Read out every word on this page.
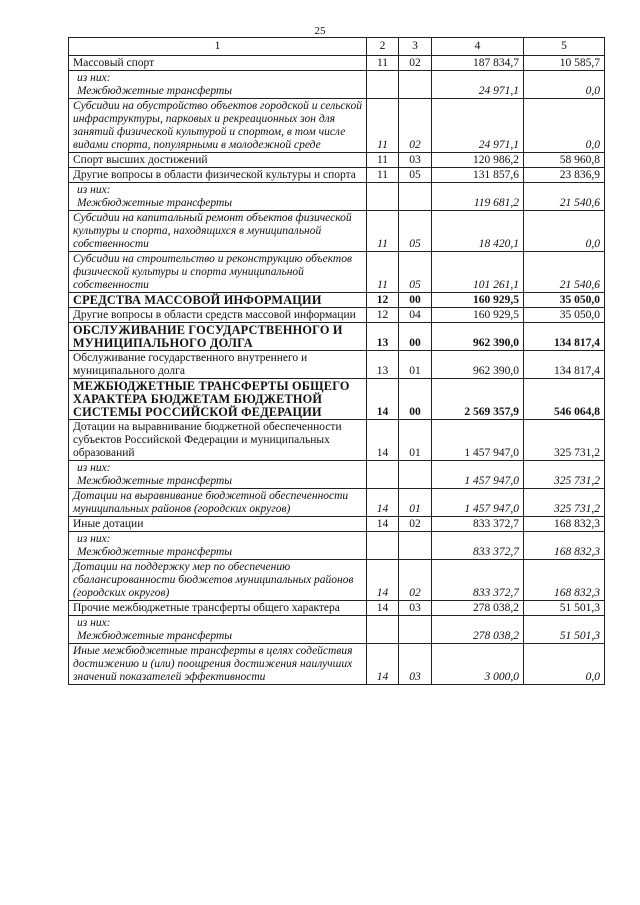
25
1	2	3	4	5
Массовый спорт	11	02	187 834,7	10 585,7

из них:
Межбюджетные трансферты			24 971,1	0,0
Субсидии на обустройство объектов городской и сельской инфраструктуры, парковых и рекреационных зон для занятий физической культурой и спортом, в том числе видами спорта, популярными в молодежной среде	11	02	24 971,1	0,0
Спорт высших достижений	11	03	120 986,2	58 960,8
Другие вопросы в области физической культуры и спорта	11	05	131 857,6	23 836,9

из них:
Межбюджетные трансферты			119 681,2	21 540,6
Субсидии на капитальный ремонт объектов физической культуры и спорта, находящихся в муниципальной собственности	11	05	18 420,1	0,0
Субсидии на строительство и реконструкцию объектов физической культуры и спорта муниципальной собственности	11	05	101 261,1	21 540,6
СРЕДСТВА МАССОВОЙ ИНФОРМАЦИИ	12	00	160 929,5	35 050,0
Другие вопросы в области средств массовой информации	12	04	160 929,5	35 050,0
ОБСЛУЖИВАНИЕ ГОСУДАРСТВЕННОГО И МУНИЦИПАЛЬНОГО ДОЛГА	13	00	962 390,0	134 817,4
Обслуживание государственного внутреннего и муниципального долга	13	01	962 390,0	134 817,4
МЕЖБЮДЖЕТНЫЕ ТРАНСФЕРТЫ ОБЩЕГО ХАРАКТЕРА БЮДЖЕТАМ БЮДЖЕТНОЙ СИСТЕМЫ РОССИЙСКОЙ ФЕДЕРАЦИИ	14	00	2 569 357,9	546 064,8
Дотации на выравнивание бюджетной обеспеченности субъектов Российской Федерации и муниципальных образований	14	01	1 457 947,0	325 731,2

из них:
Межбюджетные трансферты			1 457 947,0	325 731,2
Дотации на выравнивание бюджетной обеспеченности муниципальных районов (городских округов)	14	01	1 457 947,0	325 731,2
Иные дотации	14	02	833 372,7	168 832,3

из них:
Межбюджетные трансферты			833 372,7	168 832,3
Дотации на поддержку мер по обеспечению сбалансированности бюджетов муниципальных районов (городских округов)	14	02	833 372,7	168 832,3
Прочие межбюджетные трансферты общего характера	14	03	278 038,2	51 501,3

из них:
Межбюджетные трансферты			278 038,2	51 501,3
Иные межбюджетные трансферты в целях содействия достижению и (или) поощрения достижения наилучших значений показателей эффективности	14	03	3 000,0	0,0
